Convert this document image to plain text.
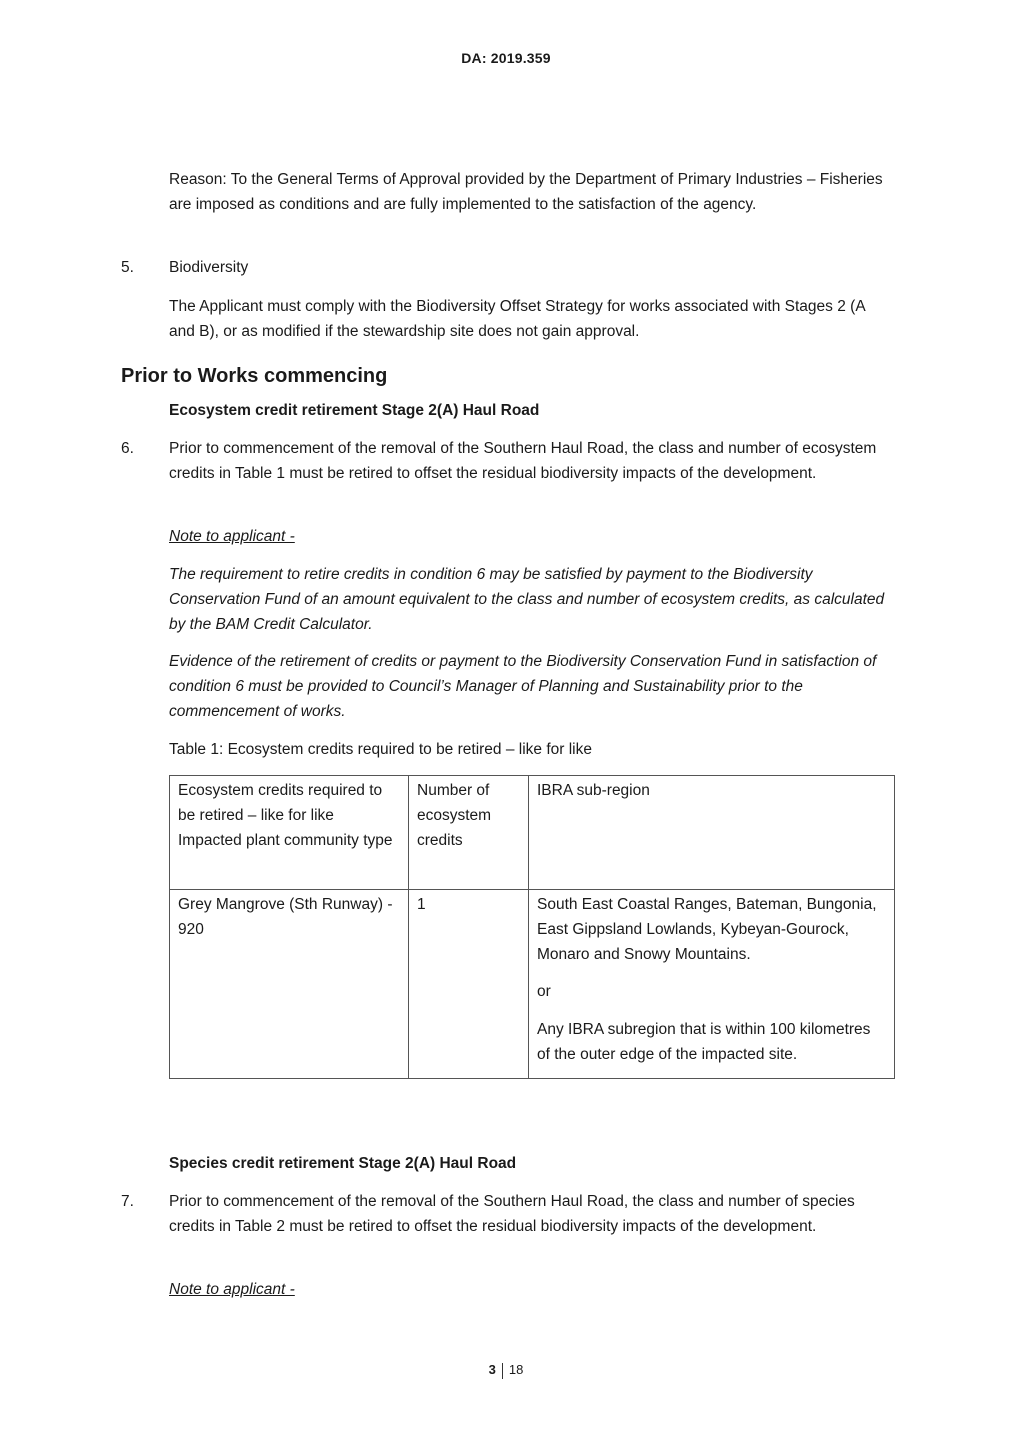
DA: 2019.359

Reason: To the General Terms of Approval provided by the Department of Primary Industries – Fisheries are imposed as conditions and are fully implemented to the satisfaction of the agency.

5. Biodiversity

The Applicant must comply with the Biodiversity Offset Strategy for works associated with Stages 2 (A and B), or as modified if the stewardship site does not gain approval.

Prior to Works commencing
Ecosystem credit retirement Stage 2(A) Haul Road
6. Prior to commencement of the removal of the Southern Haul Road, the class and number of ecosystem credits in Table 1 must be retired to offset the residual biodiversity impacts of the development.

Note to applicant -

The requirement to retire credits in condition 6 may be satisfied by payment to the Biodiversity Conservation Fund of an amount equivalent to the class and number of ecosystem credits, as calculated by the BAM Credit Calculator.

Evidence of the retirement of credits or payment to the Biodiversity Conservation Fund in satisfaction of condition 6 must be provided to Council’s Manager of Planning and Sustainability prior to the commencement of works.

Table 1: Ecosystem credits required to be retired – like for like

Ecosystem credits required to be retired – like for like Impacted plant community type	Number of ecosystem credits	IBRA sub-region
Grey Mangrove (Sth Runway) - 920	1	South East Coastal Ranges, Bateman, Bungonia, East Gippsland Lowlands, Kybeyan-Gourock, Monaro and Snowy Mountains.

or

Any IBRA subregion that is within 100 kilometres of the outer edge of the impacted site.

Species credit retirement Stage 2(A) Haul Road
7. Prior to commencement of the removal of the Southern Haul Road, the class and number of species credits in Table 2 must be retired to offset the residual biodiversity impacts of the development.

Note to applicant -

3 18
